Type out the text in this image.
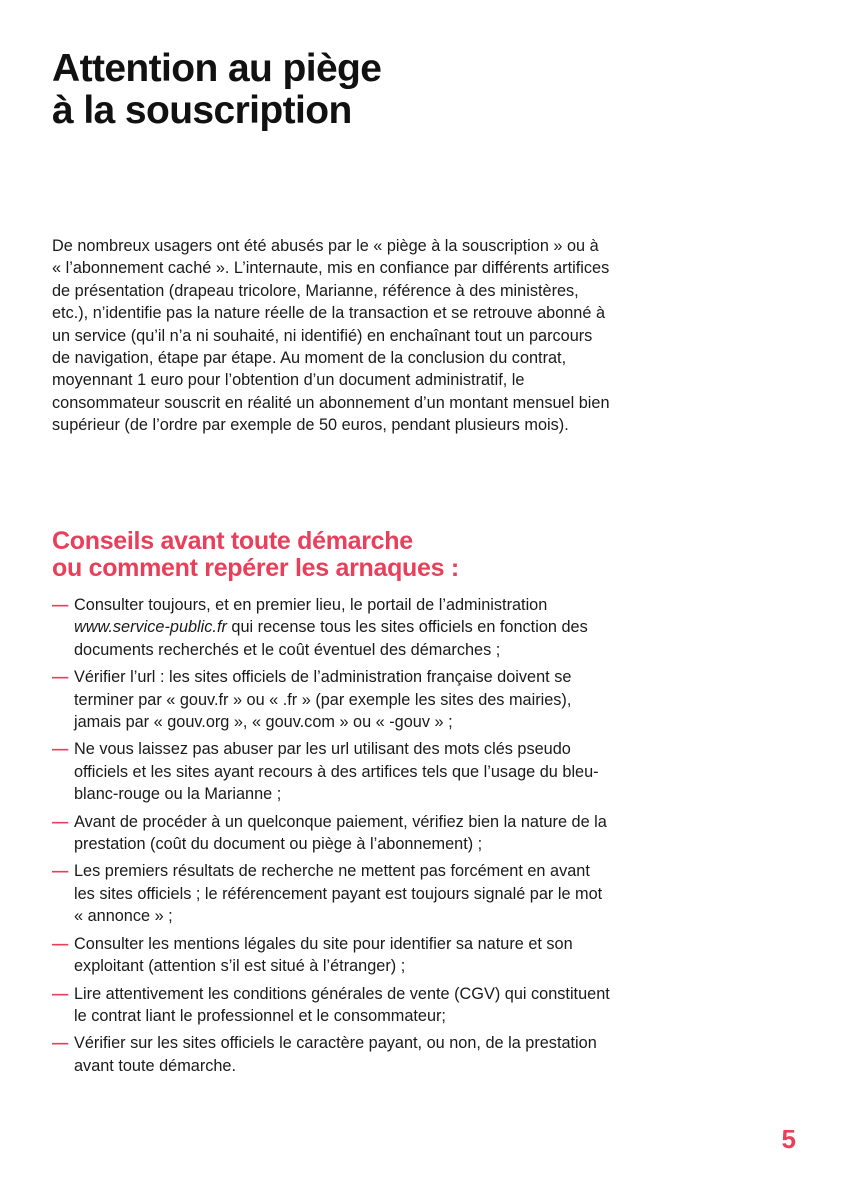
Attention au piège
à la souscription

De nombreux usagers ont été abusés par le « piège à la souscription » ou à « l’abonnement caché ». L’internaute, mis en confiance par différents artifices de présentation (drapeau tricolore, Marianne, référence à des ministères, etc.), n’identifie pas la nature réelle de la transaction et se retrouve abonné à un service (qu’il n’a ni souhaité, ni identifié) en enchaînant tout un parcours de navigation, étape par étape. Au moment de la conclusion du contrat, moyennant 1 euro pour l’obtention d’un document administratif, le consommateur souscrit en réalité un abonnement d’un montant mensuel bien supérieur (de l’ordre par exemple de 50 euros, pendant plusieurs mois).

Conseils avant toute démarche
ou comment repérer les arnaques :
— Consulter toujours, et en premier lieu, le portail de l’administration www.service-public.fr qui recense tous les sites officiels en fonction des documents recherchés et le coût éventuel des démarches ;
— Vérifier l’url : les sites officiels de l’administration française doivent se terminer par « gouv.fr » ou « .fr » (par exemple les sites des mairies), jamais par « gouv.org », « gouv.com » ou « -gouv » ;
— Ne vous laissez pas abuser par les url utilisant des mots clés pseudo officiels et les sites ayant recours à des artifices tels que l’usage du bleu-blanc-rouge ou la Marianne ;
— Avant de procéder à un quelconque paiement, vérifiez bien la nature de la prestation (coût du document ou piège à l’abonnement) ;
— Les premiers résultats de recherche ne mettent pas forcément en avant les sites officiels ; le référencement payant est toujours signalé par le mot « annonce » ;
— Consulter les mentions légales du site pour identifier sa nature et son exploitant (attention s’il est situé à l’étranger) ;
— Lire attentivement les conditions générales de vente (CGV) qui constituent le contrat liant le professionnel et le consommateur;
— Vérifier sur les sites officiels le caractère payant, ou non, de la prestation avant toute démarche.
5
